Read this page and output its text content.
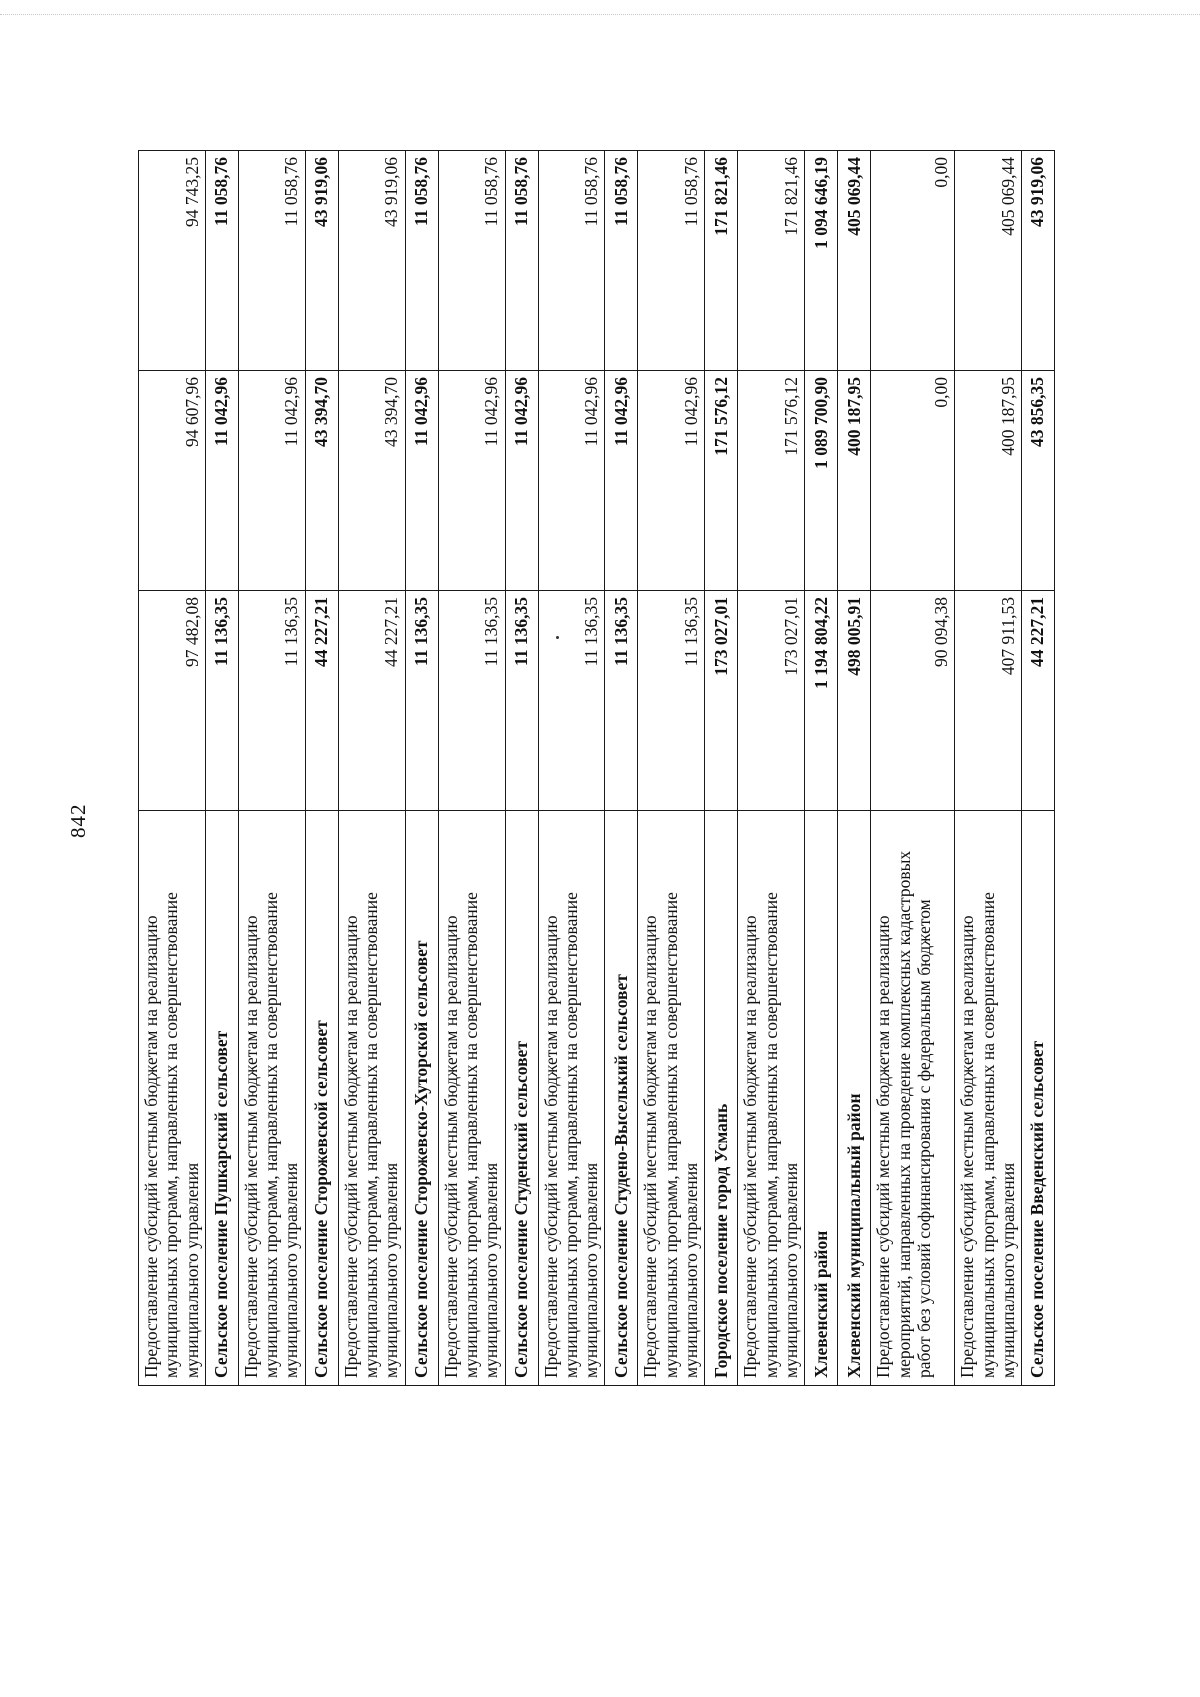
842
Предоставление субсидий местным бюджетам на реализацию муниципальных программ, направленных на совершенствование муниципального управления	97 482,08	94 607,96	94 743,25
Сельское поселение Пушкарский сельсовет	11 136,35	11 042,96	11 058,76
Предоставление субсидий местным бюджетам на реализацию муниципальных программ, направленных на совершенствование муниципального управления	11 136,35	11 042,96	11 058,76
Сельское поселение Сторожевской сельсовет	44 227,21	43 394,70	43 919,06
Предоставление субсидий местным бюджетам на реализацию муниципальных программ, направленных на совершенствование муниципального управления	44 227,21	43 394,70	43 919,06
Сельское поселение Сторожевско-Хуторской сельсовет	11 136,35	11 042,96	11 058,76
Предоставление субсидий местным бюджетам на реализацию муниципальных программ, направленных на совершенствование муниципального управления	11 136,35	11 042,96	11 058,76
Сельское поселение Студенский сельсовет	11 136,35	11 042,96	11 058,76
Предоставление субсидий местным бюджетам на реализацию муниципальных программ, направленных на совершенствование муниципального управления	11 136,35	11 042,96	11 058,76
Сельское поселение Студено-Выселький сельсовет	11 136,35	11 042,96	11 058,76
Предоставление субсидий местным бюджетам на реализацию муниципальных программ, направленных на совершенствование муниципального управления	11 136,35	11 042,96	11 058,76
Городское поселение город Усмань	173 027,01	171 576,12	171 821,46
Предоставление субсидий местным бюджетам на реализацию муниципальных программ, направленных на совершенствование муниципального управления	173 027,01	171 576,12	171 821,46
Хлевенский район	1 194 804,22	1 089 700,90	1 094 646,19
Хлевенский муниципальный район	498 005,91	400 187,95	405 069,44
Предоставление субсидий местным бюджетам на реализацию мероприятий, направленных на проведение комплексных кадастровых работ без условий софинансирования с федеральным бюджетом	90 094,38	0,00	0,00
Предоставление субсидий местным бюджетам на реализацию муниципальных программ, направленных на совершенствование муниципального управления	407 911,53	400 187,95	405 069,44
Сельское поселение Введенский сельсовет	44 227,21	43 856,35	43 919,06
